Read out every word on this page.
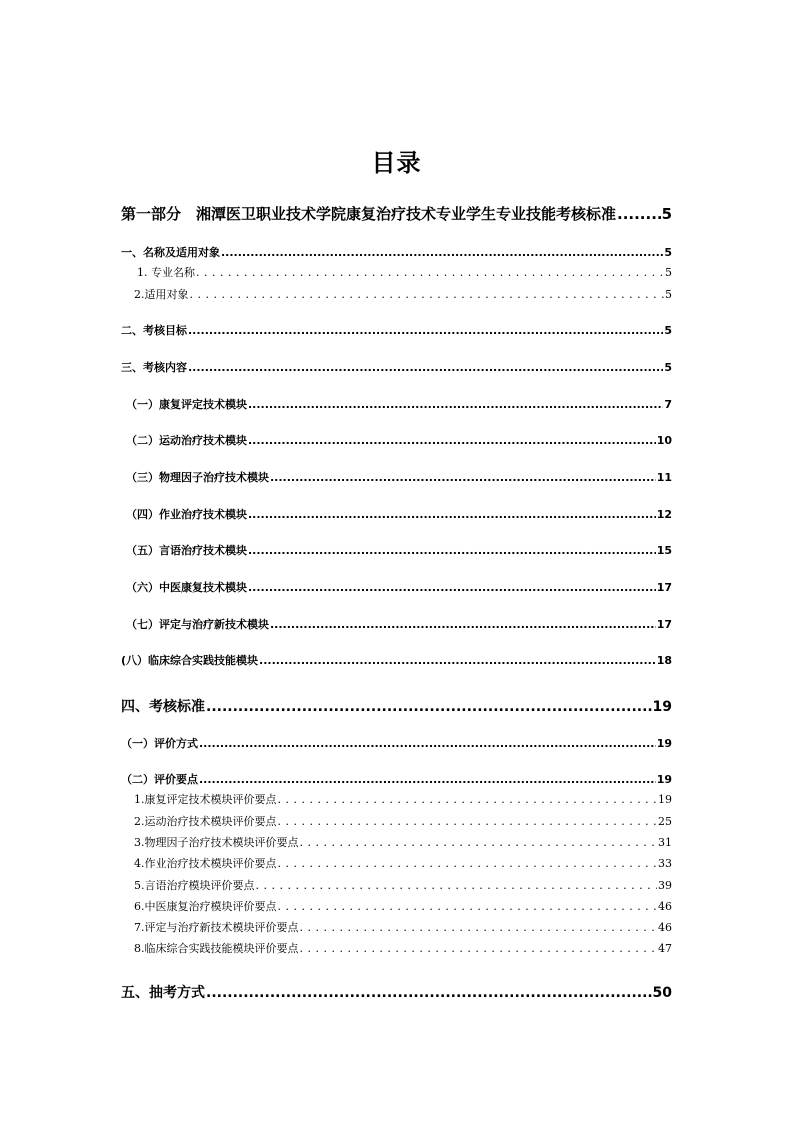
目录
第一部分　湘潭医卫职业技术学院康复治疗技术专业学生专业技能考核标准 .....	5
一、名称及适用对象 .....	5
1. 专业名称 . . .	5
2.适用对象 . . .	5
二、考核目标 .....	5
三、考核内容 .....	5
（一）康复评定技术模块 .....	7
（二）运动治疗技术模块 .....	10
（三）物理因子治疗技术模块 .....	11
（四）作业治疗技术模块 .....	12
（五）言语治疗技术模块 .....	15
（六）中医康复技术模块 .....	17
（七）评定与治疗新技术模块 .....	17
(八）临床综合实践技能模块 .....	18
四、考核标准 .....	19
（一）评价方式 .....	19
（二）评价要点 .....	19
1.康复评定技术模块评价要点 . . .	19
2.运动治疗技术模块评价要点 . . .	25
3.物理因子治疗技术模块评价要点 . . .	31
4.作业治疗技术模块评价要点 . . .	33
5.言语治疗模块评价要点 . . .	39
6.中医康复治疗模块评价要点 . . .	46
7.评定与治疗新技术模块评价要点 . . .	46
8.临床综合实践技能模块评价要点 . . .	47
五、抽考方式 .....	50
